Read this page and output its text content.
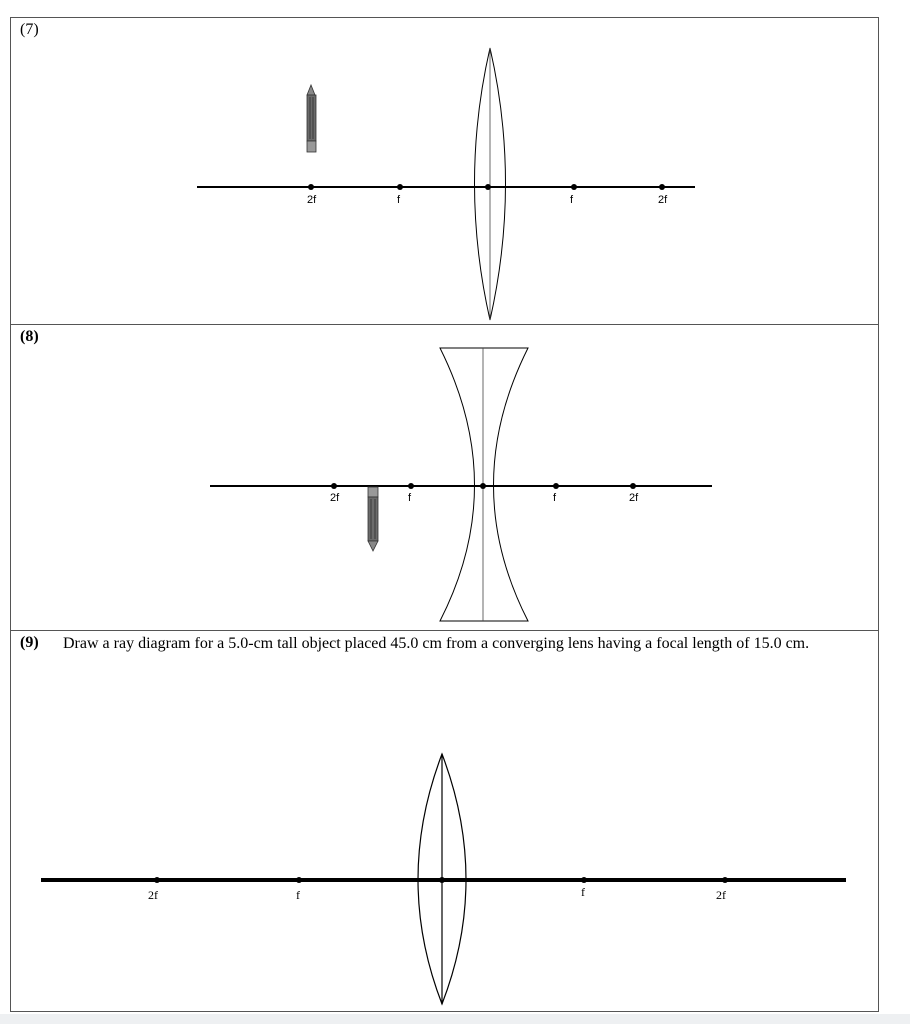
(7)
2f	f	f	2f
(8)
2f	f	f	2f
(9) Draw a ray diagram for a 5.0-cm tall object placed 45.0 cm from a converging lens having a focal length of 15.0 cm.
2f	f	f	2f
